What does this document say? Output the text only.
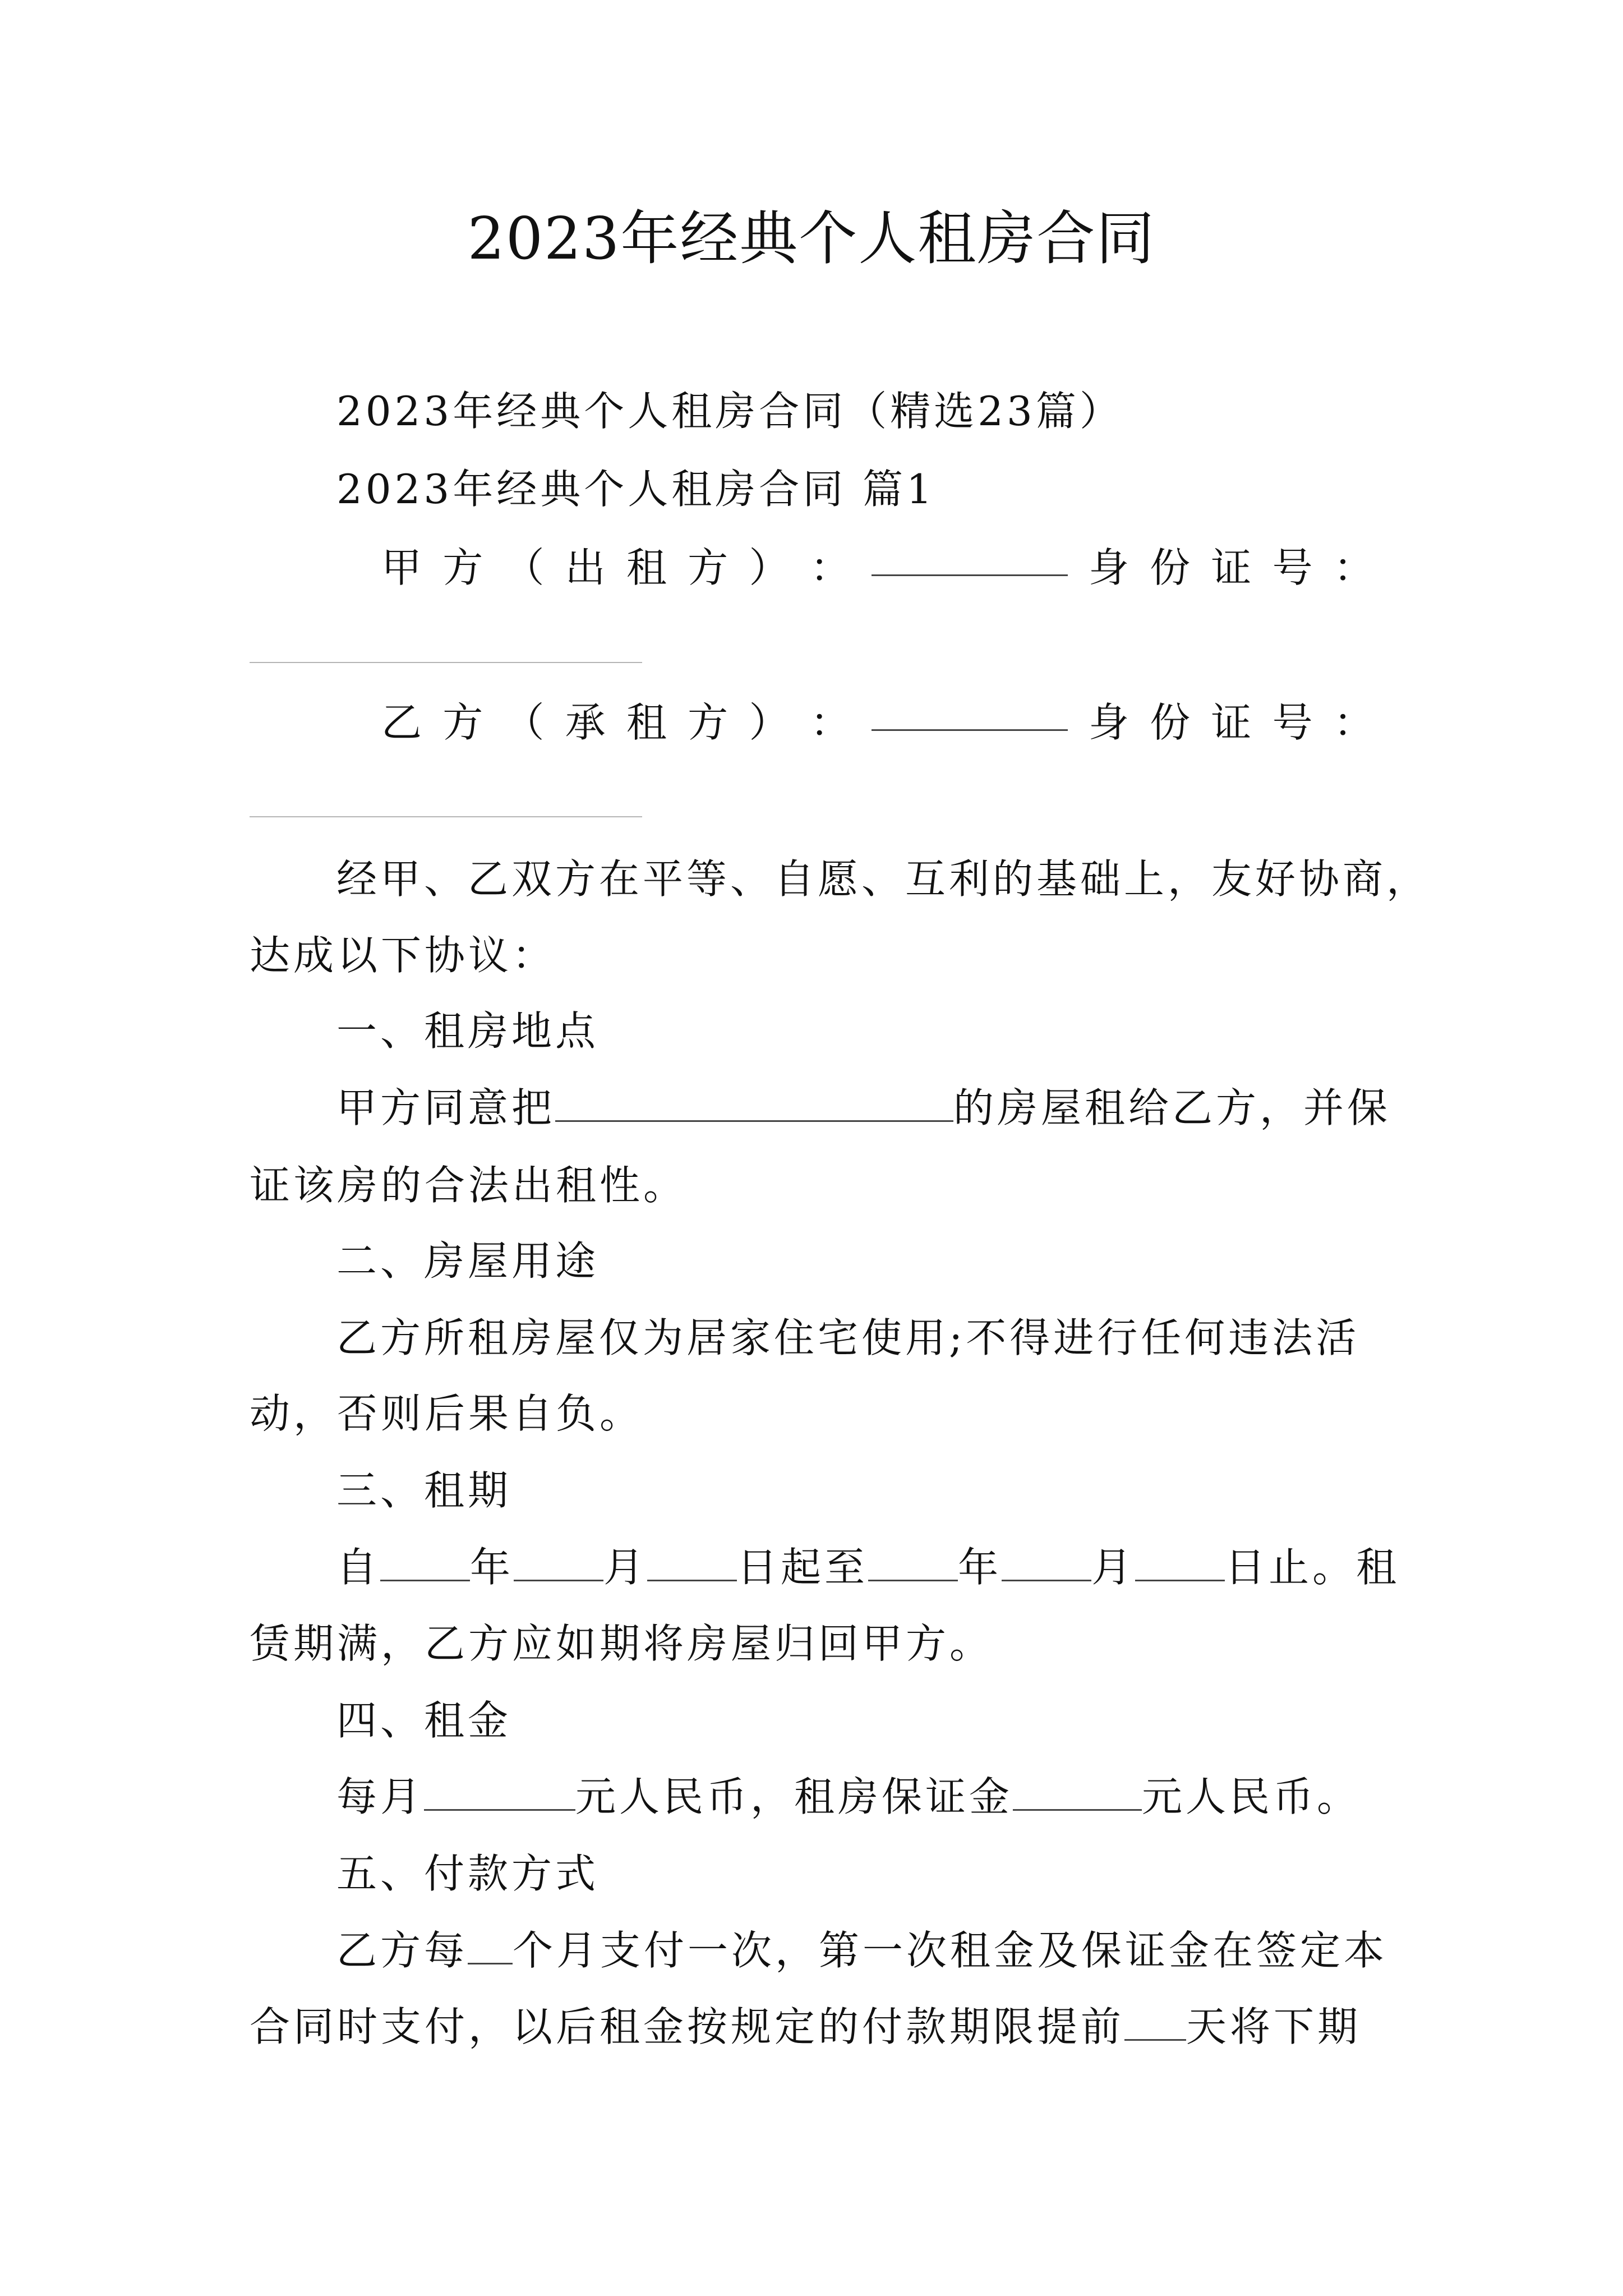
2023年经典个人租房合同
2023年经典个人租房合同（精选23篇）
2023年经典个人租房合同 篇1
甲 方 （ 出 租 方 ） ：	身 份 证 号 ：
乙 方 （ 承 租 方 ） ：	身 份 证 号 ：
经甲、乙双方在平等、自愿、互利的基础上，友好协商，
达成以下协议：
一、租房地点
甲方同意把	的房屋租给乙方，并保
证该房的合法出租性。
二、房屋用途
乙方所租房屋仅为居家住宅使用;不得进行任何违法活
动，否则后果自负。
三、租期
自 年 月 日起至 年 月 日止。租
赁期满，乙方应如期将房屋归回甲方。
四、租金
每月	元人民币，租房保证金	元人民币。
五、付款方式
乙方每 个月支付一次，第一次租金及保证金在签定本
合同时支付，以后租金按规定的付款期限提前 天将下期
